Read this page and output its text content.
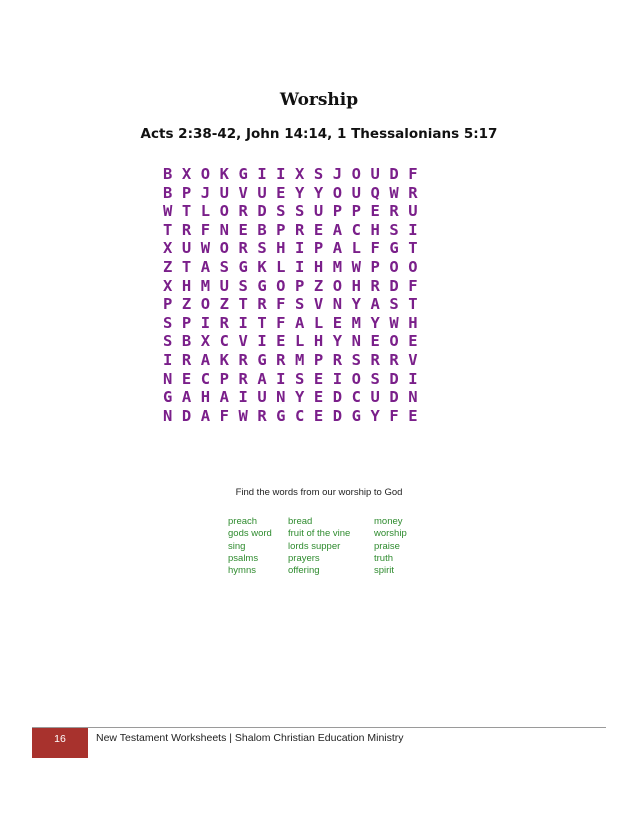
Worship
Acts 2:38-42, John 14:14, 1 Thessalonians 5:17
B X O K G I I X S J O U D F
B P J U V U E Y Y O U Q W R
W T L O R D S S U P P E R U
T R F N E B P R E A C H S I
X U W O R S H I P A L F G T
Z T A S G K L I H M W P O O
X H M U S G O P Z O H R D F
P Z O Z T R F S V N Y A S T
S P I R I T F A L E M Y W H
S B X C V I E L H Y N E O E
I R A K R G R M P R S R R V
N E C P R A I S E I O S D I
G A H A I U N Y E D C U D N
N D A F W R G C E D G Y F E
Find the words from our worship to God
preach	bread	money
gods word	fruit of the vine	worship
sing	lords supper	praise
psalms	prayers	truth
hymns	offering	spirit
16	New Testament Worksheets | Shalom Christian Education Ministry
